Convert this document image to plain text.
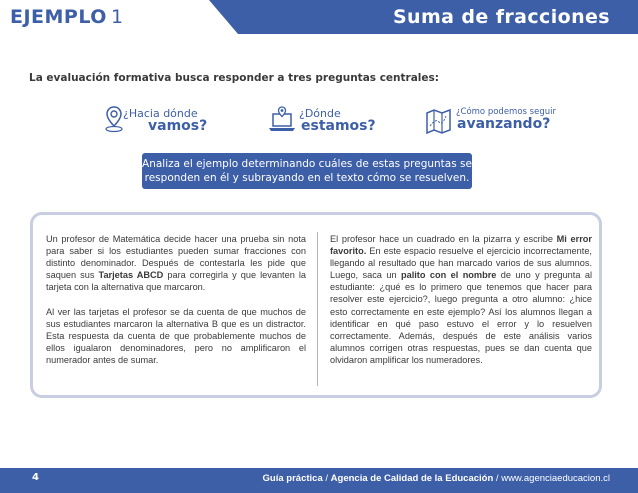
EJEMPLO 1	Suma de fracciones
La evaluación formativa busca responder a tres preguntas centrales:
¿Hacia dónde
vamos?
¿Dónde
estamos?
¿Cómo podemos seguir
avanzando?
Analiza el ejemplo determinando cuáles de estas preguntas se
responden en él y subrayando en el texto cómo se resuelven.

Un profesor de Matemática decide hacer una prueba sin nota para saber si los estudiantes pueden sumar fracciones con distinto denominador. Después de contestarla les pide que saquen sus Tarjetas ABCD para corregirla y que levanten la tarjeta con la alternativa que marcaron.

Al ver las tarjetas el profesor se da cuenta de que muchos de sus estudiantes marcaron la alternativa B que es un distractor. Esta respuesta da cuenta de que probablemente muchos de ellos igualaron denominadores, pero no amplificaron el numerador antes de sumar.

El profesor hace un cuadrado en la pizarra y escribe Mi error favorito. En este espacio resuelve el ejercicio incorrectamente, llegando al resultado que han marcado varios de sus alumnos. Luego, saca un palito con el nombre de uno y pregunta al estudiante: ¿qué es lo primero que tenemos que hacer para resolver este ejercicio?, luego pregunta a otro alumno: ¿hice esto correctamente en este ejemplo? Así los alumnos llegan a identificar en qué paso estuvo el error y lo resuelven correctamente. Además, después de este análisis varios alumnos corrigen otras respuestas, pues se dan cuenta que olvidaron amplificar los numeradores.

4	Guía práctica / Agencia de Calidad de la Educación / www.agenciaeducacion.cl
